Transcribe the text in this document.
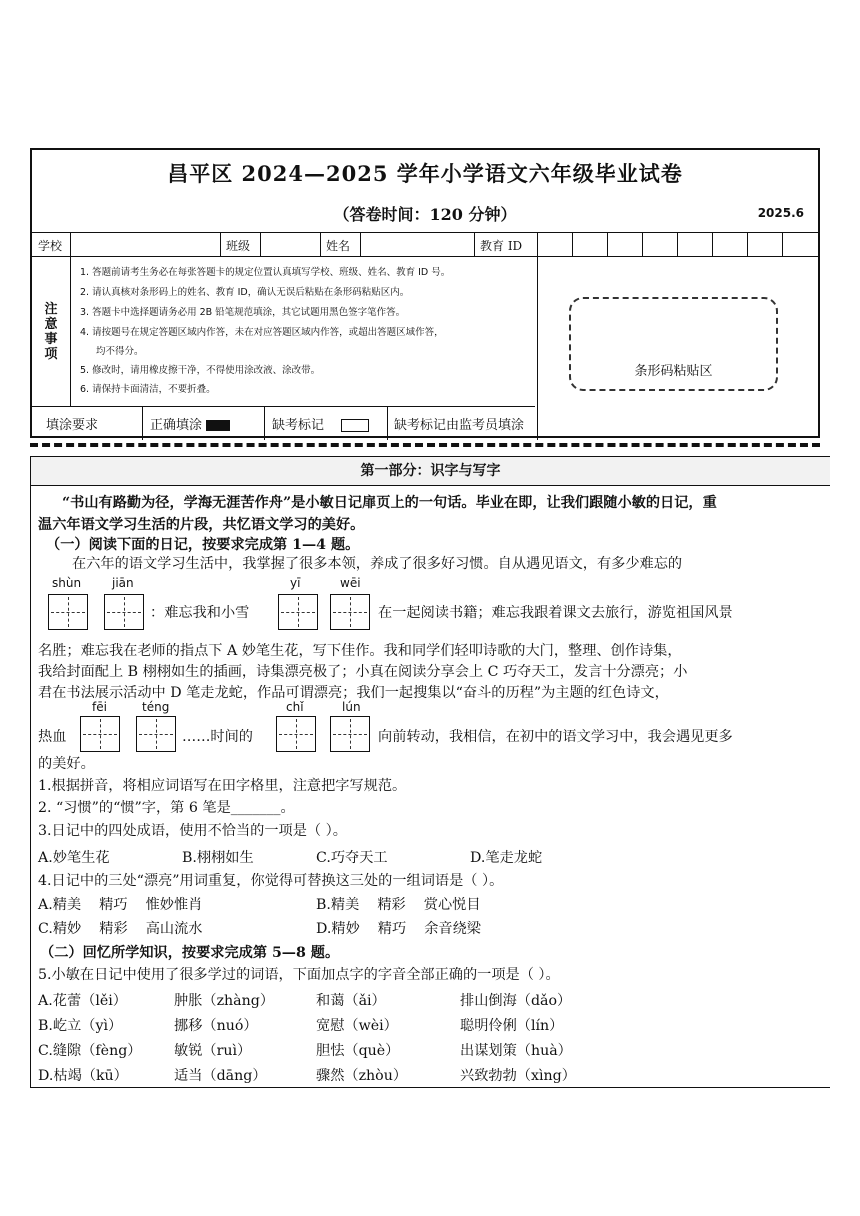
昌平区 2024—2025 学年小学语文六年级毕业试卷
（答卷时间：120 分钟）	2025.6
学校	班级	姓名	教育 ID
注意事项
1. 答题前请考生务必在每张答题卡的规定位置认真填写学校、班级、姓名、教育 ID 号。
2. 请认真核对条形码上的姓名、教育 ID，确认无误后粘贴在条形码粘贴区内。
3. 答题卡中选择题请务必用 2B 铅笔规范填涂，其它试题用黑色签字笔作答。
4. 请按题号在规定答题区域内作答，未在对应答题区域内作答，或超出答题区域作答，
均不得分。
5. 修改时，请用橡皮擦干净，不得使用涂改液、涂改带。
6. 请保持卡面清洁，不要折叠。
条形码粘贴区
填涂要求	正确填涂	缺考标记	缺考标记由监考员填涂
第一部分：识字与写字
“书山有路勤为径，学海无涯苦作舟”是小敏日记扉页上的一句话。毕业在即，让我们跟随小敏的日记，重
温六年语文学习生活的片段，共忆语文学习的美好。
（一）阅读下面的日记，按要求完成第 1—4 题。
在六年的语文学习生活中，我掌握了很多本领，养成了很多好习惯。自从遇见语文，有多少难忘的
shùn	jiān	yī	wēi
：难忘我和小雪	在一起阅读书籍；难忘我跟着课文去旅行，游览祖国风景
名胜；难忘我在老师的指点下 A 妙笔生花，写下佳作。我和同学们轻叩诗歌的大门，整理、创作诗集，
我给封面配上 B 栩栩如生的插画，诗集漂亮极了；小真在阅读分享会上 C 巧夺天工，发言十分漂亮；小
君在书法展示活动中 D 笔走龙蛇，作品可谓漂亮；我们一起搜集以“奋斗的历程”为主题的红色诗文，
fēi	téng	chǐ	lún
热血	……时间的	向前转动，我相信，在初中的语文学习中，我会遇见更多
的美好。
1.根据拼音，将相应词语写在田字格里，注意把字写规范。
2. “习惯”的“惯”字，第 6 笔是_______。
3.日记中的四处成语，使用不恰当的一项是（ ）。
A.妙笔生花	B.栩栩如生	C.巧夺天工	D.笔走龙蛇
4.日记中的三处“漂亮”用词重复，你觉得可替换这三处的一组词语是（ ）。
A.精美    精巧    惟妙惟肖	B.精美    精彩    赏心悦目
C.精妙    精彩    高山流水	D.精妙    精巧    余音绕梁
（二）回忆所学知识，按要求完成第 5—8 题。
5.小敏在日记中使用了很多学过的词语，下面加点字的字音全部正确的一项是（ ）。
A.花蕾（lěi）	肿胀（zhàng）	和蔼（ǎi）	排山倒海（dǎo）
B.屹立（yì）	挪移（nuó）	宽慰（wèi）	聪明伶俐（lín）
C.缝隙（fèng） 敏锐（ruì）	胆怯（què）	出谋划策（huà）
D.枯竭（kū）	适当（dāng）	骤然（zhòu）	兴致勃勃（xìng）
